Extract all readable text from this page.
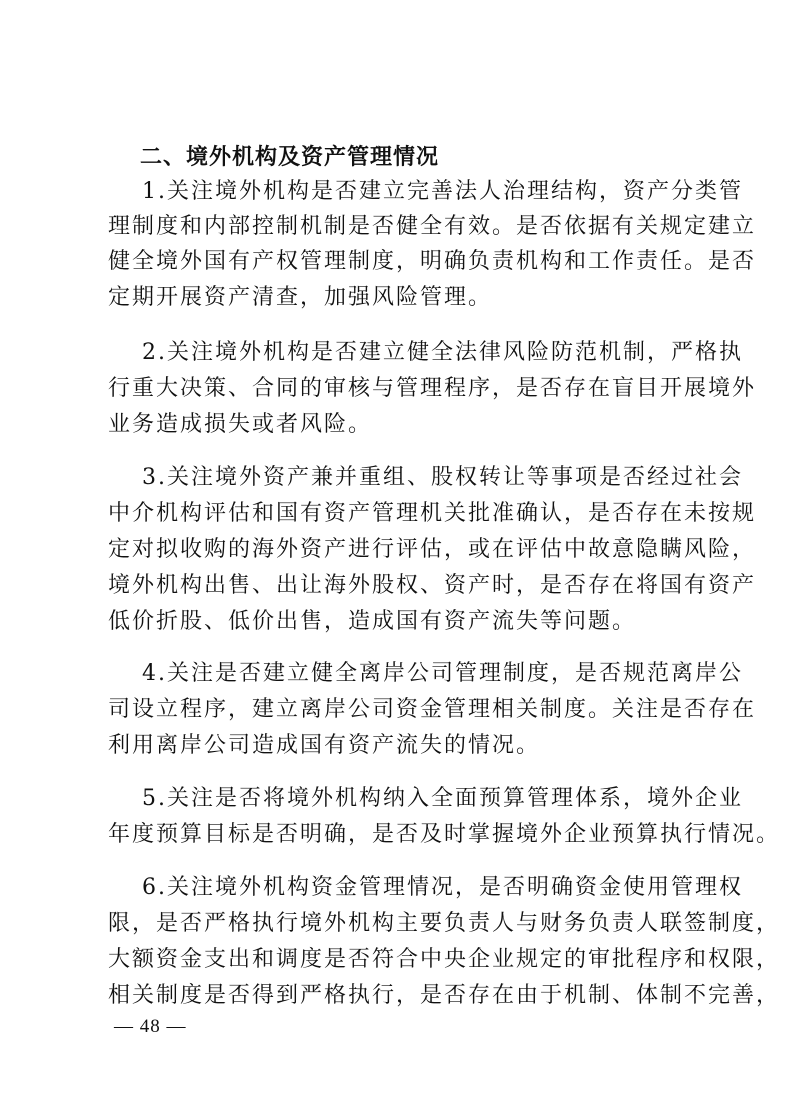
二、境外机构及资产管理情况
1.关注境外机构是否建立完善法人治理结构，资产分类管
理制度和内部控制机制是否健全有效。是否依据有关规定建立
健全境外国有产权管理制度，明确负责机构和工作责任。是否
定期开展资产清查，加强风险管理。
2.关注境外机构是否建立健全法律风险防范机制，严格执
行重大决策、合同的审核与管理程序，是否存在盲目开展境外
业务造成损失或者风险。
3.关注境外资产兼并重组、股权转让等事项是否经过社会
中介机构评估和国有资产管理机关批准确认，是否存在未按规
定对拟收购的海外资产进行评估，或在评估中故意隐瞒风险，
境外机构出售、出让海外股权、资产时，是否存在将国有资产
低价折股、低价出售，造成国有资产流失等问题。
4.关注是否建立健全离岸公司管理制度，是否规范离岸公
司设立程序，建立离岸公司资金管理相关制度。关注是否存在
利用离岸公司造成国有资产流失的情况。
5.关注是否将境外机构纳入全面预算管理体系，境外企业
年度预算目标是否明确，是否及时掌握境外企业预算执行情况。
6.关注境外机构资金管理情况，是否明确资金使用管理权
限，是否严格执行境外机构主要负责人与财务负责人联签制度，
大额资金支出和调度是否符合中央企业规定的审批程序和权限，
相关制度是否得到严格执行，是否存在由于机制、体制不完善，
— 48 —
